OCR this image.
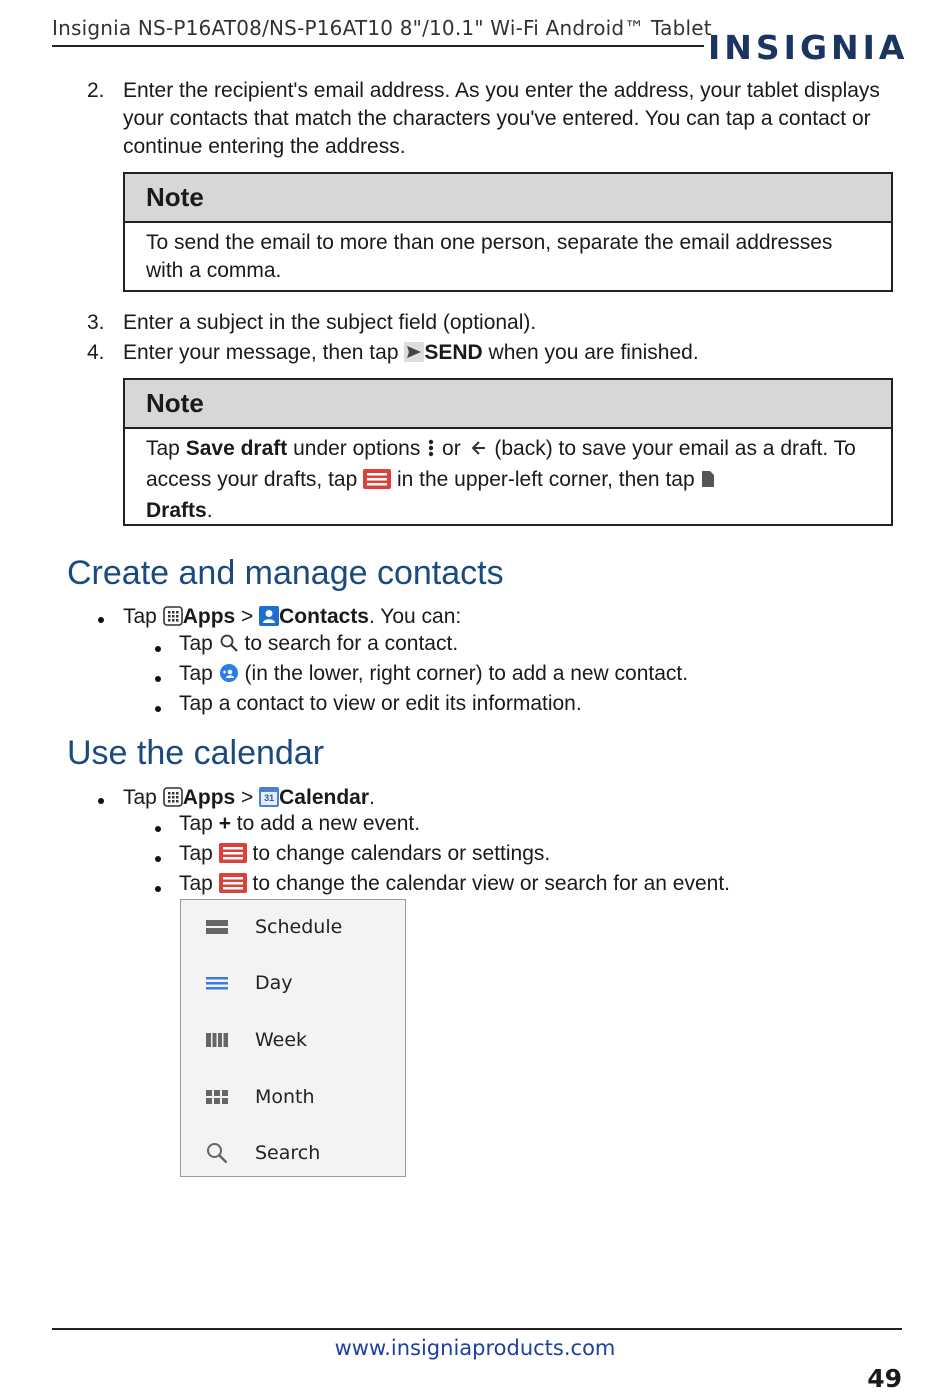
Insignia NS-P16AT08/NS-P16AT10 8"/10.1" Wi-Fi Android™ Tablet
INSIGNIA
2. Enter the recipient's email address. As you enter the address, your tablet displays your contacts that match the characters you've entered. You can tap a contact or continue entering the address.
Note
To send the email to more than one person, separate the email addresses with a comma.
3. Enter a subject in the subject field (optional).
4. Enter your message, then tap SEND when you are finished.
Note
Tap Save draft under options  or  (back) to save your email as a draft. To access your drafts, tap  in the upper-left corner, then tap
Drafts.
Create and manage contacts
Tap Apps > Contacts. You can:
Tap  to search for a contact.
Tap  (in the lower, right corner) to add a new contact.
Tap a contact to view or edit its information.
Use the calendar
Tap Apps > 31 Calendar.
Tap + to add a new event.
Tap  to change calendars or settings.
Tap  to change the calendar view or search for an event.
Schedule
Day
Week
Month
Search
www.insigniaproducts.com
49
